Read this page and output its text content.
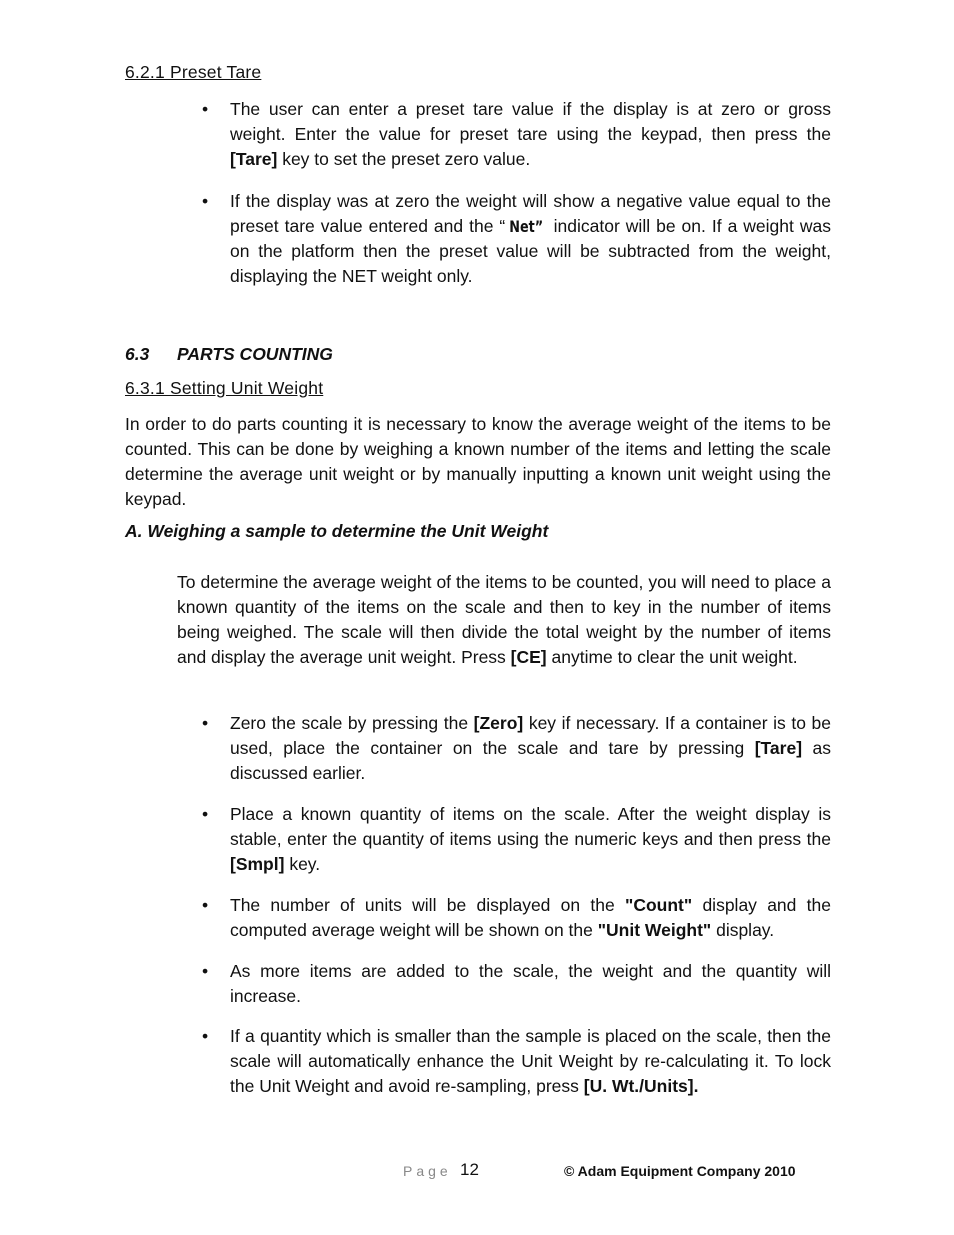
6.2.1 Preset Tare
• The user can enter a preset tare value if the display is at zero or gross weight. Enter the value for preset tare using the keypad, then press the [Tare] key to set the preset zero value.
• If the display was at zero the weight will show a negative value equal to the preset tare value entered and the “ Net” indicator will be on. If a weight was on the platform then the preset value will be subtracted from the weight, displaying the NET weight only.
6.3 PARTS COUNTING
6.3.1 Setting Unit Weight
In order to do parts counting it is necessary to know the average weight of the items to be counted. This can be done by weighing a known number of the items and letting the scale determine the average unit weight or by manually inputting a known unit weight using the keypad.
A. Weighing a sample to determine the Unit Weight
To determine the average weight of the items to be counted, you will need to place a known quantity of the items on the scale and then to key in the number of items being weighed. The scale will then divide the total weight by the number of items and display the average unit weight. Press [CE] anytime to clear the unit weight.
• Zero the scale by pressing the [Zero] key if necessary. If a container is to be used, place the container on the scale and tare by pressing [Tare] as discussed earlier.
• Place a known quantity of items on the scale. After the weight display is stable, enter the quantity of items using the numeric keys and then press the [Smpl] key.
• The number of units will be displayed on the "Count" display and the computed average weight will be shown on the "Unit Weight" display.
• As more items are added to the scale, the weight and the quantity will increase.
• If a quantity which is smaller than the sample is placed on the scale, then the scale will automatically enhance the Unit Weight by re-calculating it. To lock the Unit Weight and avoid re-sampling, press [U. Wt./Units].
Page 12	© Adam Equipment Company 2010
